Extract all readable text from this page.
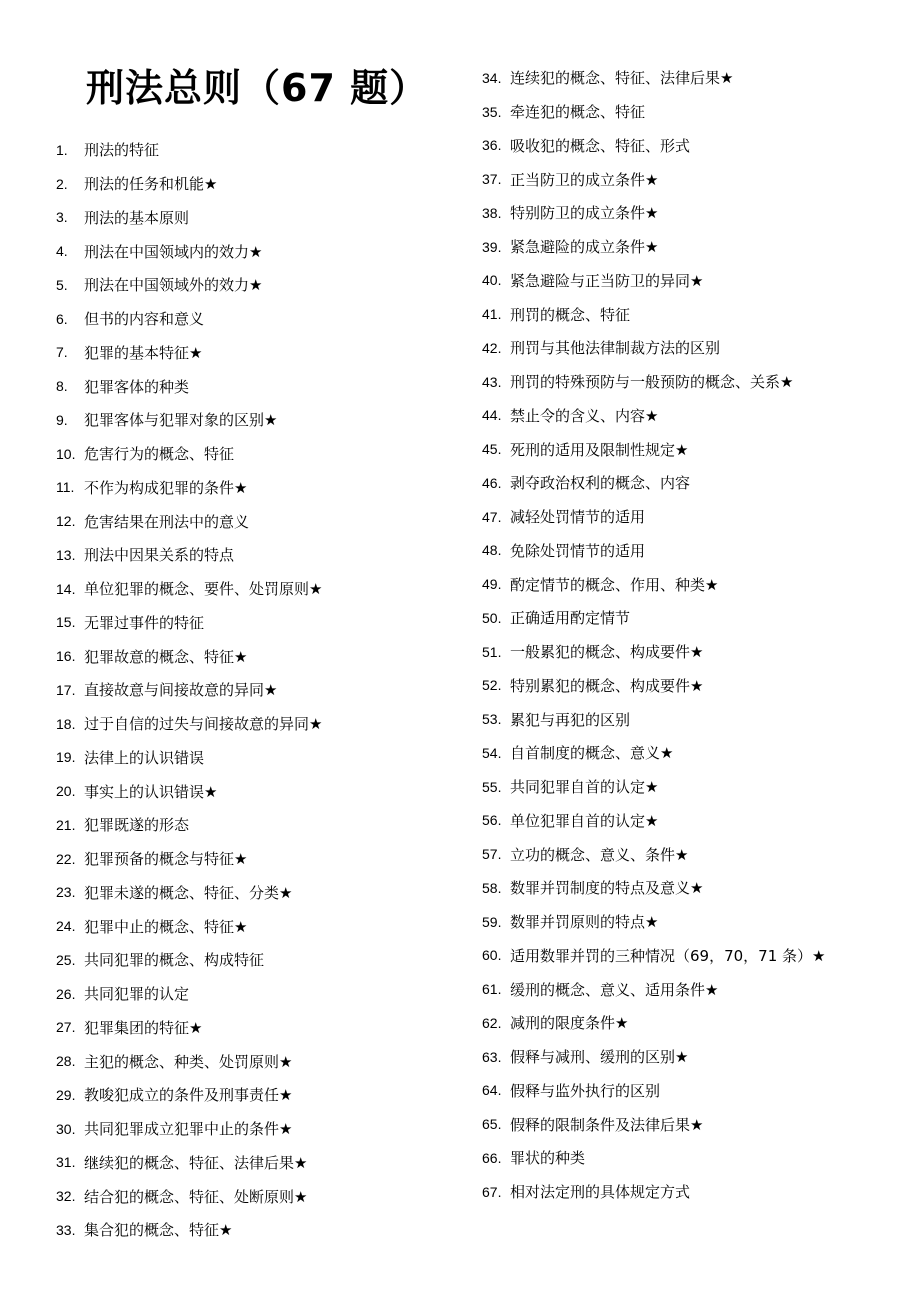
刑法总则（67 题）
1.	刑法的特征
2.	刑法的任务和机能★
3.	刑法的基本原则
4.	刑法在中国领域内的效力★
5.	刑法在中国领域外的效力★
6.	但书的内容和意义
7.	犯罪的基本特征★
8.	犯罪客体的种类
9.	犯罪客体与犯罪对象的区别★
10. 危害行为的概念、特征
11. 不作为构成犯罪的条件★
12. 危害结果在刑法中的意义
13. 刑法中因果关系的特点
14. 单位犯罪的概念、要件、处罚原则★
15. 无罪过事件的特征
16. 犯罪故意的概念、特征★
17. 直接故意与间接故意的异同★
18. 过于自信的过失与间接故意的异同★
19. 法律上的认识错误
20. 事实上的认识错误★
21. 犯罪既遂的形态
22. 犯罪预备的概念与特征★
23. 犯罪未遂的概念、特征、分类★
24. 犯罪中止的概念、特征★
25. 共同犯罪的概念、构成特征
26. 共同犯罪的认定
27. 犯罪集团的特征★
28. 主犯的概念、种类、处罚原则★
29. 教唆犯成立的条件及刑事责任★
30. 共同犯罪成立犯罪中止的条件★
31. 继续犯的概念、特征、法律后果★
32. 结合犯的概念、特征、处断原则★
33. 集合犯的概念、特征★
34. 连续犯的概念、特征、法律后果★
35. 牵连犯的概念、特征
36. 吸收犯的概念、特征、形式
37. 正当防卫的成立条件★
38. 特别防卫的成立条件★
39. 紧急避险的成立条件★
40. 紧急避险与正当防卫的异同★
41. 刑罚的概念、特征
42. 刑罚与其他法律制裁方法的区别
43. 刑罚的特殊预防与一般预防的概念、关系★
44. 禁止令的含义、内容★
45. 死刑的适用及限制性规定★
46. 剥夺政治权利的概念、内容
47. 减轻处罚情节的适用
48. 免除处罚情节的适用
49. 酌定情节的概念、作用、种类★
50. 正确适用酌定情节
51. 一般累犯的概念、构成要件★
52. 特别累犯的概念、构成要件★
53. 累犯与再犯的区别
54. 自首制度的概念、意义★
55. 共同犯罪自首的认定★
56. 单位犯罪自首的认定★
57. 立功的概念、意义、条件★
58. 数罪并罚制度的特点及意义★
59. 数罪并罚原则的特点★
60. 适用数罪并罚的三种情况（69，70，71 条）★
61. 缓刑的概念、意义、适用条件★
62. 减刑的限度条件★
63. 假释与减刑、缓刑的区别★
64. 假释与监外执行的区别
65. 假释的限制条件及法律后果★
66. 罪状的种类
67. 相对法定刑的具体规定方式
